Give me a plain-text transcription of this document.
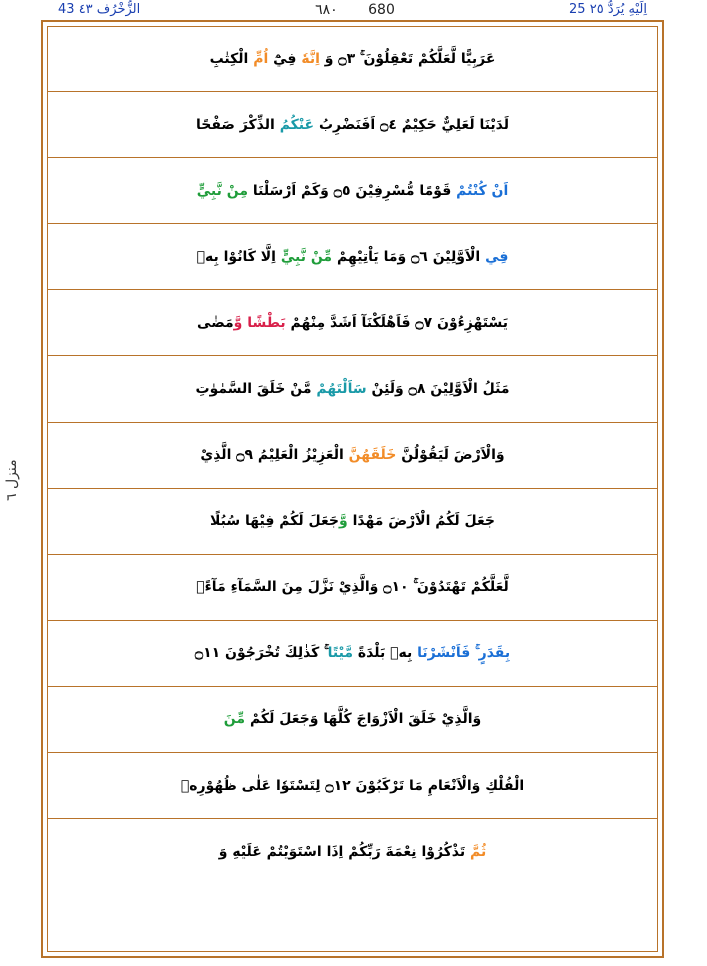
43 الزُّخْرُف ٤٣	٦٨٠ 680	25 اِلَيْهِ يُرَدُّ ٢٥
منزل ٦
عَرَبِيًّا لَّعَلَّكُمْ تَعْقِلُوْنَ ۚ ۝٣ وَ
اِنَّهٗ
فِيْٓ
اُمِّ
الْكِتٰبِ
لَدَيْنَا لَعَلِيٌّ حَكِيْمٌ ۝٤ اَفَنَضْرِبُ
عَنْكُمُ
الذِّكْرَ صَفْحًا
اَنْ كُنْتُمْ
قَوْمًا مُّسْرِفِيْنَ ۝٥ وَكَمْ اَرْسَلْنَا
مِنْ نَّبِيٍّ
فِي
الْاَوَّلِيْنَ ۝٦ وَمَا يَاْتِيْهِمْ
مِّنْ نَّبِيٍّ
اِلَّا كَانُوْا بِهٖ
يَسْتَهْزِءُوْنَ ۝٧ فَاَهْلَكْنَآ اَشَدَّ مِنْهُمْ
بَطْشًا وَّ
مَضٰى
مَثَلُ الْاَوَّلِيْنَ ۝٨ وَلَئِنْ
سَاَلْتَهُمْ
مَّنْ خَلَقَ السَّمٰوٰتِ
وَالْاَرْضَ لَيَقُوْلُنَّ
خَلَقَهُنَّ
الْعَزِيْزُ الْعَلِيْمُ ۝٩ الَّذِيْ
جَعَلَ لَكُمُ الْاَرْضَ مَهْدًا
وَّ
جَعَلَ لَكُمْ فِيْهَا سُبُلًا
لَّعَلَّكُمْ تَهْتَدُوْنَ ۚ ۝١٠ وَالَّذِيْ نَزَّلَ مِنَ السَّمَآءِ مَآءًۢ
بِقَدَرٍ ۚ فَاَنْشَرْنَا
بِهٖ بَلْدَةً
مَّيْتًا
ۚ كَذٰلِكَ تُخْرَجُوْنَ ۝١١
وَالَّذِيْ خَلَقَ الْاَزْوَاجَ كُلَّهَا وَجَعَلَ لَكُمْ
مِّنَ
الْفُلْكِ وَالْاَنْعَامِ مَا تَرْكَبُوْنَ ۝١٢ لِتَسْتَوٗا عَلٰى ظُهُوْرِهٖ
ثُمَّ
تَذْكُرُوْا نِعْمَةَ رَبِّكُمْ اِذَا اسْتَوَيْتُمْ عَلَيْهِ وَ
